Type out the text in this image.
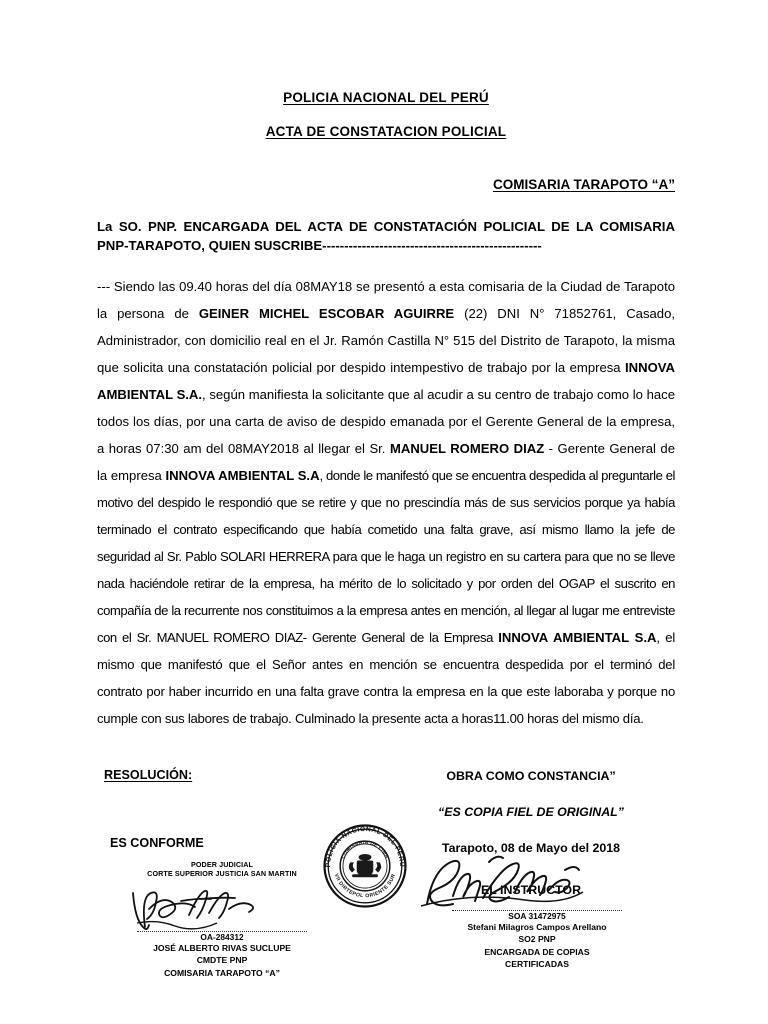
POLICIA NACIONAL DEL PERÚ
ACTA DE CONSTATACION POLICIAL
COMISARIA TARAPOTO “A”
La SO. PNP. ENCARGADA DEL ACTA DE CONSTATACIÓN POLICIAL DE LA COMISARIA PNP-TARAPOTO, QUIEN SUSCRIBE--------------------------------------------------
--- Siendo las 09.40 horas del día 08MAY18 se presentó a esta comisaria de la Ciudad de Tarapoto la persona de GEINER MICHEL ESCOBAR AGUIRRE (22) DNI N° 71852761, Casado, Administrador, con domicilio real en el Jr. Ramón Castilla N° 515 del Distrito de Tarapoto, la misma que solicita una constatación policial por despido intempestivo de trabajo por la empresa INNOVA AMBIENTAL S.A., según manifiesta la solicitante que al acudir a su centro de trabajo como lo hace todos los días, por una carta de aviso de despido emanada por el Gerente General de la empresa, a horas 07:30 am del 08MAY2018 al llegar el Sr. MANUEL ROMERO DIAZ - Gerente General de la empresa INNOVA AMBIENTAL S.A, donde le manifestó que se encuentra despedida al preguntarle el motivo del despido le respondió que se retire y que no prescindía más de sus servicios porque ya había terminado el contrato especificando que había cometido una falta grave, así mismo llamo la jefe de seguridad al Sr. Pablo SOLARI HERRERA para que le haga un registro en su cartera para que no se lleve nada haciéndole retirar de la empresa, ha mérito de lo solicitado y por orden del OGAP el suscrito en compañía de la recurrente nos constituimos a la empresa antes en mención, al llegar al lugar me entreviste con el Sr. MANUEL ROMERO DIAZ- Gerente General de la Empresa INNOVA AMBIENTAL S.A, el mismo que manifestó que el Señor antes en mención se encuentra despedida por el terminó del contrato por haber incurrido en una falta grave contra la empresa en la que este laboraba y porque no cumple con sus labores de trabajo. Culminado la presente acta a horas11.00 horas del mismo día.
RESOLUCIÓN:
ES CONFORME
OBRA COMO CONSTANCIA”
“ES COPIA FIEL DE ORIGINAL”
Tarapoto, 08 de Mayo del 2018
EL INSTRUCTOR
POLICIA NACIONAL DEL PERU
VII DIRTEPOL ORIENTE SUR
COMISARIA DE LIMA
PODER JUDICIAL
CORTE SUPERIOR JUSTICIA SAN MARTIN
OA-284312
JOSÉ ALBERTO RIVAS SUCLUPE
CMDTE PNP
COMISARIA TARAPOTO “A”
SOA 31472975
Stefani Milagros Campos Arellano
SO2 PNP
ENCARGADA DE COPIAS
CERTIFICADAS
